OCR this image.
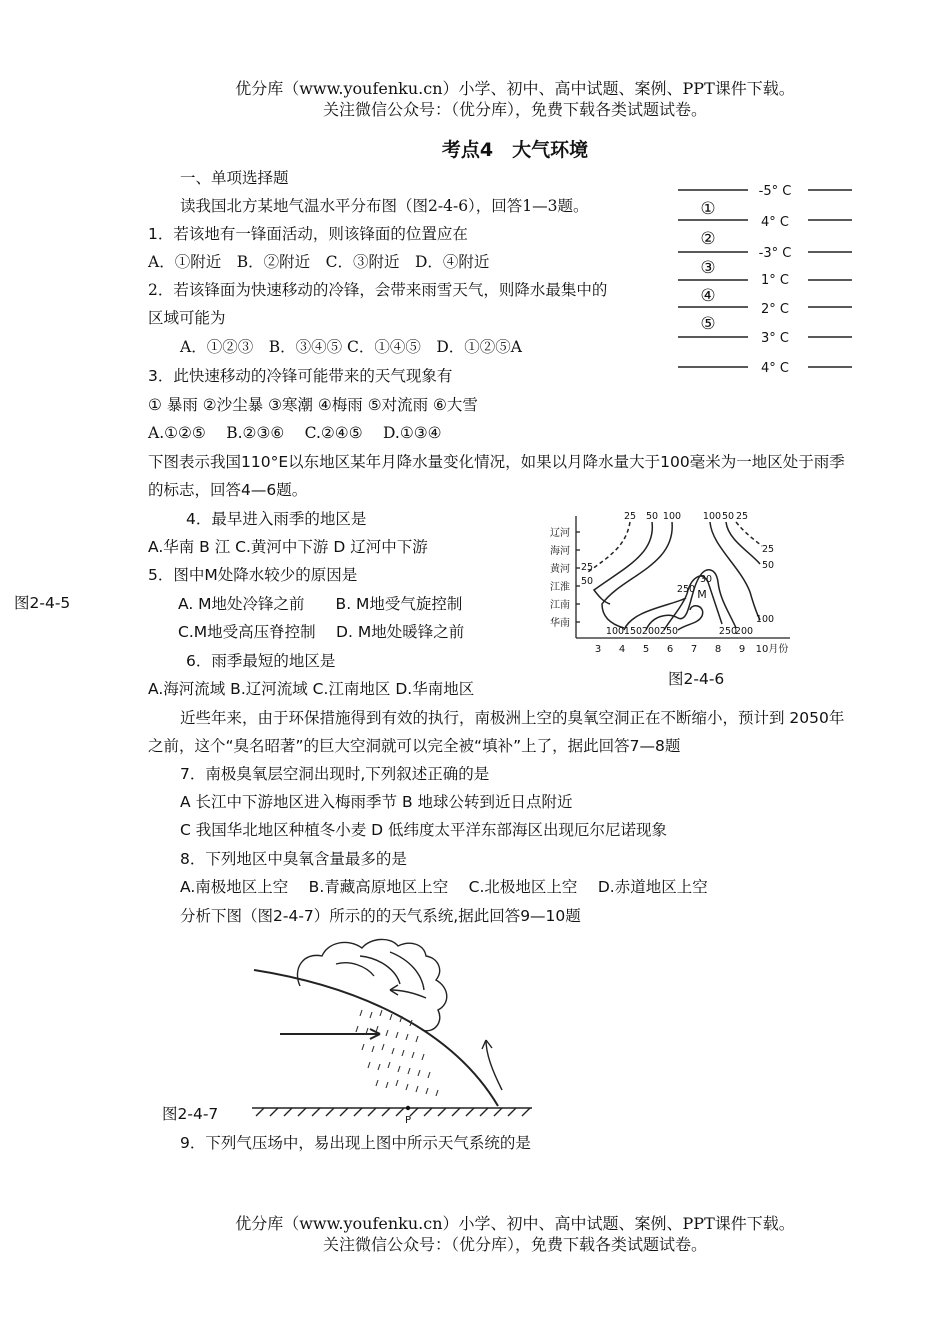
优分库（www.youfenku.cn）小学、初中、高中试题、案例、PPT课件下载。
关注微信公众号：（优分库），免费下载各类试题试卷。
考点4　大气环境
一、单项选择题
读我国北方某地气温水平分布图（图2-4-6），回答1—3题。
1．若该地有一锋面活动，则该锋面的位置应在
A．①附近　B．②附近　C．③附近　D．④附近
2．若该锋面为快速移动的冷锋，会带来雨雪天气，则降水最集中的
区域可能为
A．①②③　B．③④⑤ C．①④⑤　D．①②⑤A
3．此快速移动的冷锋可能带来的天气现象有
① 暴雨 ②沙尘暴 ③寒潮 ④梅雨 ⑤对流雨 ⑥大雪
A.①②⑤　 B.②③⑥　 C.②④⑤　 D.①③④
下图表示我国110°E以东地区某年月降水量变化情况，如果以月降水量大于100毫米为一地区处于雨季
的标志，回答4—6题。
4．最早进入雨季的地区是
A.华南 B 江 C.黄河中下游 D 辽河中下游
5．图中M处降水较少的原因是
图2-4-5	A. M地处冷锋之前　　B. M地受气旋控制
C.M地受高压脊控制　 D. M地处暖锋之前
6．雨季最短的地区是
A.海河流域 B.辽河流域 C.江南地区 D.华南地区
图2-4-6
近些年来，由于环保措施得到有效的执行，南极洲上空的臭氧空洞正在不断缩小，预计到 2050年
之前，这个“臭名昭著”的巨大空洞就可以完全被“填补”上了，据此回答7—8题
7．南极臭氧层空洞出现时,下列叙述正确的是
A 长江中下游地区进入梅雨季节 B 地球公转到近日点附近
C 我国华北地区种植冬小麦 D 低纬度太平洋东部海区出现厄尔尼诺现象
8．下列地区中臭氧含量最多的是
A.南极地区上空　 B.青藏高原地区上空　 C.北极地区上空　 D.赤道地区上空
分析下图（图2-4-7）所示的的天气系统,据此回答9—10题
图2-4-7
9．下列气压场中，易出现上图中所示天气系统的是
①
②
③
④
⑤
-5° C
4° C
-3° C
1° C
2° C
3° C
4° C
辽河
海河
黄河
江淮
江南
华南
3 4 5 6 7 8 9 10月份
25 50 100 100 50 25
25
50
100
25
50
100 150 200 250	250
200
250
30
M
P
优分库（www.youfenku.cn）小学、初中、高中试题、案例、PPT课件下载。
关注微信公众号：（优分库），免费下载各类试题试卷。
